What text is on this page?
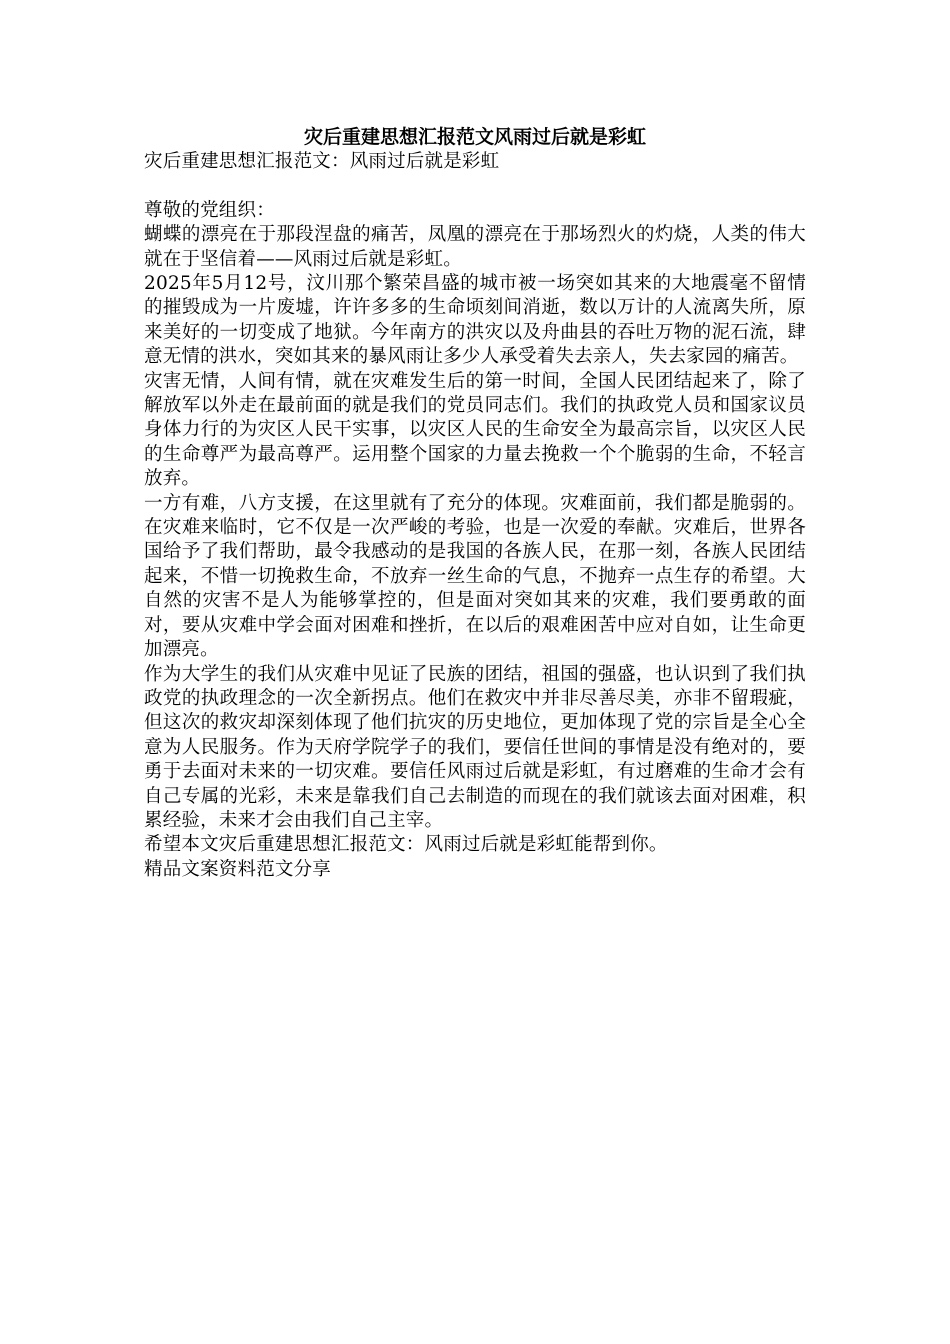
灾后重建思想汇报范文风雨过后就是彩虹

灾后重建思想汇报范文：风雨过后就是彩虹

尊敬的党组织：

蝴蝶的漂亮在于那段涅盘的痛苦，凤凰的漂亮在于那场烈火的灼烧，人类的伟大就在于坚信着——风雨过后就是彩虹。

2025年5月12号，汶川那个繁荣昌盛的城市被一场突如其来的大地震毫不留情的摧毁成为一片废墟，许许多多的生命顷刻间消逝，数以万计的人流离失所，原来美好的一切变成了地狱。今年南方的洪灾以及舟曲县的吞吐万物的泥石流，肆意无情的洪水，突如其来的暴风雨让多少人承受着失去亲人，失去家园的痛苦。

灾害无情，人间有情，就在灾难发生后的第一时间，全国人民团结起来了，除了解放军以外走在最前面的就是我们的党员同志们。我们的执政党人员和国家议员身体力行的为灾区人民干实事，以灾区人民的生命安全为最高宗旨，以灾区人民的生命尊严为最高尊严。运用整个国家的力量去挽救一个个脆弱的生命，不轻言放弃。

一方有难，八方支援，在这里就有了充分的体现。灾难面前，我们都是脆弱的。在灾难来临时，它不仅是一次严峻的考验，也是一次爱的奉献。灾难后，世界各国给予了我们帮助，最令我感动的是我国的各族人民，在那一刻，各族人民团结起来，不惜一切挽救生命，不放弃一丝生命的气息，不抛弃一点生存的希望。大自然的灾害不是人为能够掌控的，但是面对突如其来的灾难，我们要勇敢的面对，要从灾难中学会面对困难和挫折，在以后的艰难困苦中应对自如，让生命更加漂亮。

作为大学生的我们从灾难中见证了民族的团结，祖国的强盛，也认识到了我们执政党的执政理念的一次全新拐点。他们在救灾中并非尽善尽美，亦非不留瑕疵，但这次的救灾却深刻体现了他们抗灾的历史地位，更加体现了党的宗旨是全心全意为人民服务。作为天府学院学子的我们，要信任世间的事情是没有绝对的，要勇于去面对未来的一切灾难。要信任风雨过后就是彩虹，有过磨难的生命才会有自己专属的光彩，未来是靠我们自己去制造的而现在的我们就该去面对困难，积累经验，未来才会由我们自己主宰。

希望本文灾后重建思想汇报范文：风雨过后就是彩虹能帮到你。

精品文案资料范文分享
